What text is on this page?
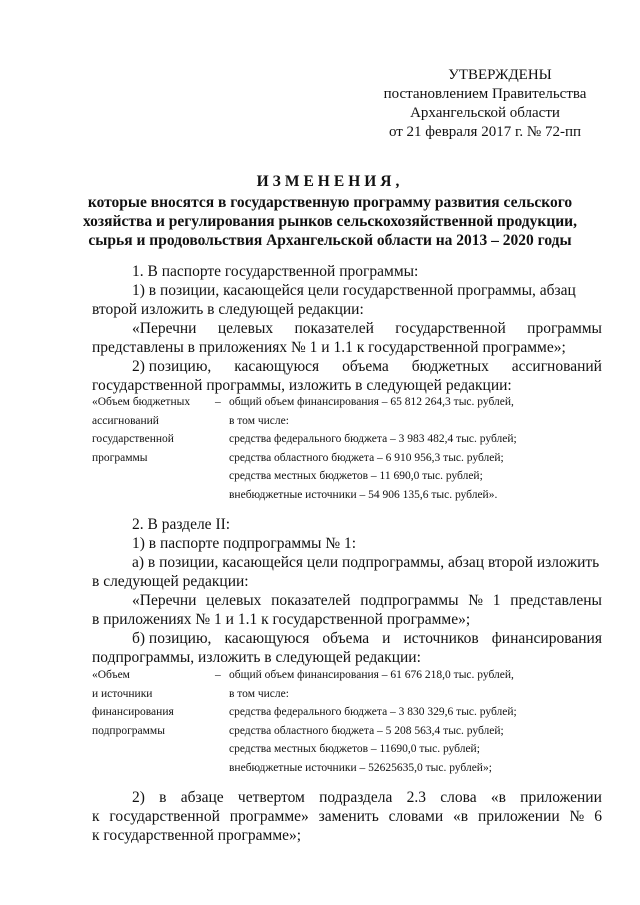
УТВЕРЖДЕНЫ
постановлением Правительства
Архангельской области
от 21 февраля 2017 г. № 72-пп
ИЗМЕНЕНИЯ,
которые вносятся в государственную программу развития сельского
хозяйства и регулирования рынков сельскохозяйственной продукции,
сырья и продовольствия Архангельской области на 2013 – 2020 годы

1. В паспорте государственной программы:

1) в позиции, касающейся цели государственной программы, абзац

второй изложить в следующей редакции:

«Перечни целевых показателей государственной программы

представлены в приложениях № 1 и 1.1 к государственной программе»;

2) позицию, касающуюся объема бюджетных ассигнований

государственной программы, изложить в следующей редакции:

«Объем бюджетных
ассигнований
государственной
программы
– общий объем финансирования – 65 812 264,3 тыс. рублей,
в том числе:
средства федерального бюджета – 3 983 482,4 тыс. рублей;
средства областного бюджета – 6 910 956,3 тыс. рублей;
средства местных бюджетов – 11 690,0 тыс. рублей;
внебюджетные источники – 54 906 135,6 тыс. рублей».

2. В разделе II:

1) в паспорте подпрограммы № 1:

а) в позиции, касающейся цели подпрограммы, абзац второй изложить

в следующей редакции:

«Перечни целевых показателей подпрограммы № 1 представлены

в приложениях № 1 и 1.1 к государственной программе»;

б) позицию, касающуюся объема и источников финансирования

подпрограммы, изложить в следующей редакции:

«Объем
и источники
финансирования
подпрограммы
– общий объем финансирования – 61 676 218,0 тыс. рублей,
в том числе:
средства федерального бюджета – 3 830 329,6 тыс. рублей;
средства областного бюджета – 5 208 563,4 тыс. рублей;
средства местных бюджетов – 11690,0 тыс. рублей;
внебюджетные источники – 52625635,0 тыс. рублей»;

2) в абзаце четвертом подраздела 2.3 слова «в приложении

к государственной программе» заменить словами «в приложении № 6

к государственной программе»;
